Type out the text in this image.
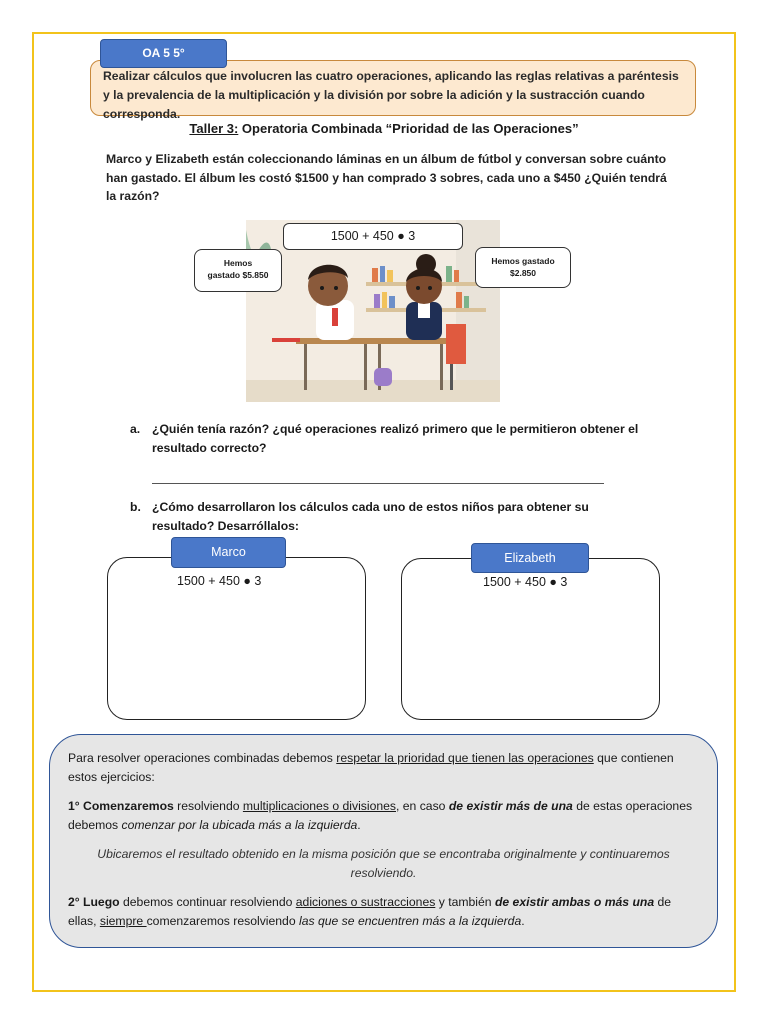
OA 5 5°
Realizar cálculos que involucren las cuatro operaciones, aplicando las reglas relativas a paréntesis y la prevalencia de la multiplicación y la división por sobre la adición y la sustracción cuando corresponda.
Taller 3: Operatoria Combinada “Prioridad de las Operaciones”
Marco y Elizabeth están coleccionando láminas en un álbum de fútbol y conversan sobre cuánto han gastado. El álbum les costó $1500 y han comprado 3 sobres, cada uno a $450 ¿Quién tendrá la razón?
1500 + 450 ● 3
Hemos
gastado $5.850
Hemos gastado
$2.850
a. ¿Quién tenía razón? ¿qué operaciones realizó primero que le permitieron obtener el resultado correcto?
b. ¿Cómo desarrollaron los cálculos cada uno de estos niños para obtener su resultado? Desarróllalos:
Marco
1500 + 450 ● 3
Elizabeth
1500 + 450 ● 3

Para resolver operaciones combinadas debemos respetar la prioridad que tienen las operaciones que contienen estos ejercicios:

1° Comenzaremos resolviendo multiplicaciones o divisiones, en caso de existir más de una de estas operaciones debemos comenzar por la ubicada más a la izquierda.

Ubicaremos el resultado obtenido en la misma posición que se encontraba originalmente y continuaremos resolviendo.

2° Luego debemos continuar resolviendo adiciones o sustracciones y también de existir ambas o más una de ellas, siempre comenzaremos resolviendo las que se encuentren más a la izquierda.
